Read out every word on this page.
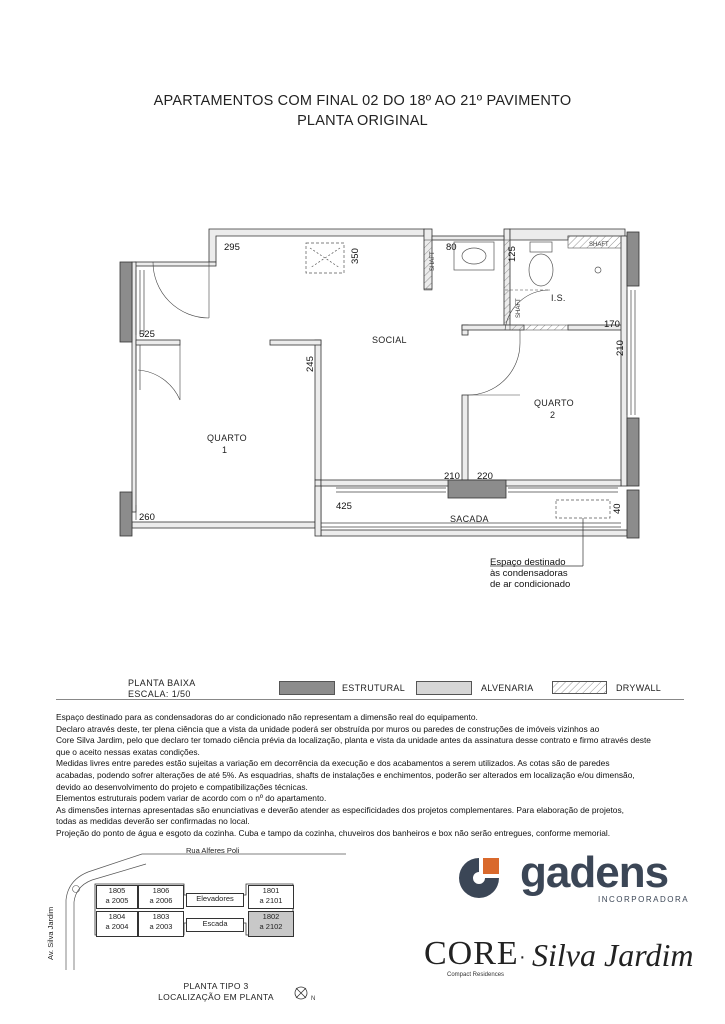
APARTAMENTOS COM FINAL 02 DO 18º AO 21º PAVIMENTO
PLANTA ORIGINAL
SOCIAL
QUARTO
1
QUARTO
2
I.S.
SACADA
SHAFT
SHAFT
SHAFT
295
350
80	125
525
170
210
245
210 220
425	40
260
Espaço destinado
às condensadoras
de ar condicionado
PLANTA BAIXA
ESCALA: 1/50
ESTRUTURAL	ALVENARIA	DRYWALL

Espaço destinado para as condensadoras do ar condicionado não representam a dimensão real do equipamento.

Declaro através deste, ter plena ciência que a vista da unidade poderá ser obstruída por muros ou paredes de construções de imóveis vizinhos ao

Core Silva Jardim, pelo que declaro ter tomado ciência prévia da localização, planta e vista da unidade antes da assinatura desse contrato e firmo através deste

que o aceito nessas exatas condições.

Medidas livres entre paredes estão sujeitas a variação em decorrência da execução e dos acabamentos a serem utilizados. As cotas são de paredes

acabadas, podendo sofrer alterações de até 5%. As esquadrias, shafts de instalações e enchimentos, poderão ser alterados em localização e/ou dimensão,

devido ao desenvolvimento do projeto e compatibilizações técnicas.

Elementos estruturais podem variar de acordo com o nº do apartamento.

As dimensões internas apresentadas são enunciativas e deverão atender as especificidades dos projetos complementares. Para elaboração de projetos,

todas as medidas deverão ser confirmadas no local.

Projeção do ponto de água e esgoto da cozinha. Cuba e tampo da cozinha, chuveiros dos banheiros e box não serão entregues, conforme memorial.

Rua Alferes Poli
Av. Silva Jardim
1805
a 2005
1806
a 2006
1801
a 2101
1804
a 2004
1803
a 2003
1802
a 2102
Elevadores
Escada
PLANTA TIPO 3
LOCALIZAÇÃO EM PLANTA	N
gadens
INCORPORADORA
CORE
Compact Residences
· Silva Jardim
